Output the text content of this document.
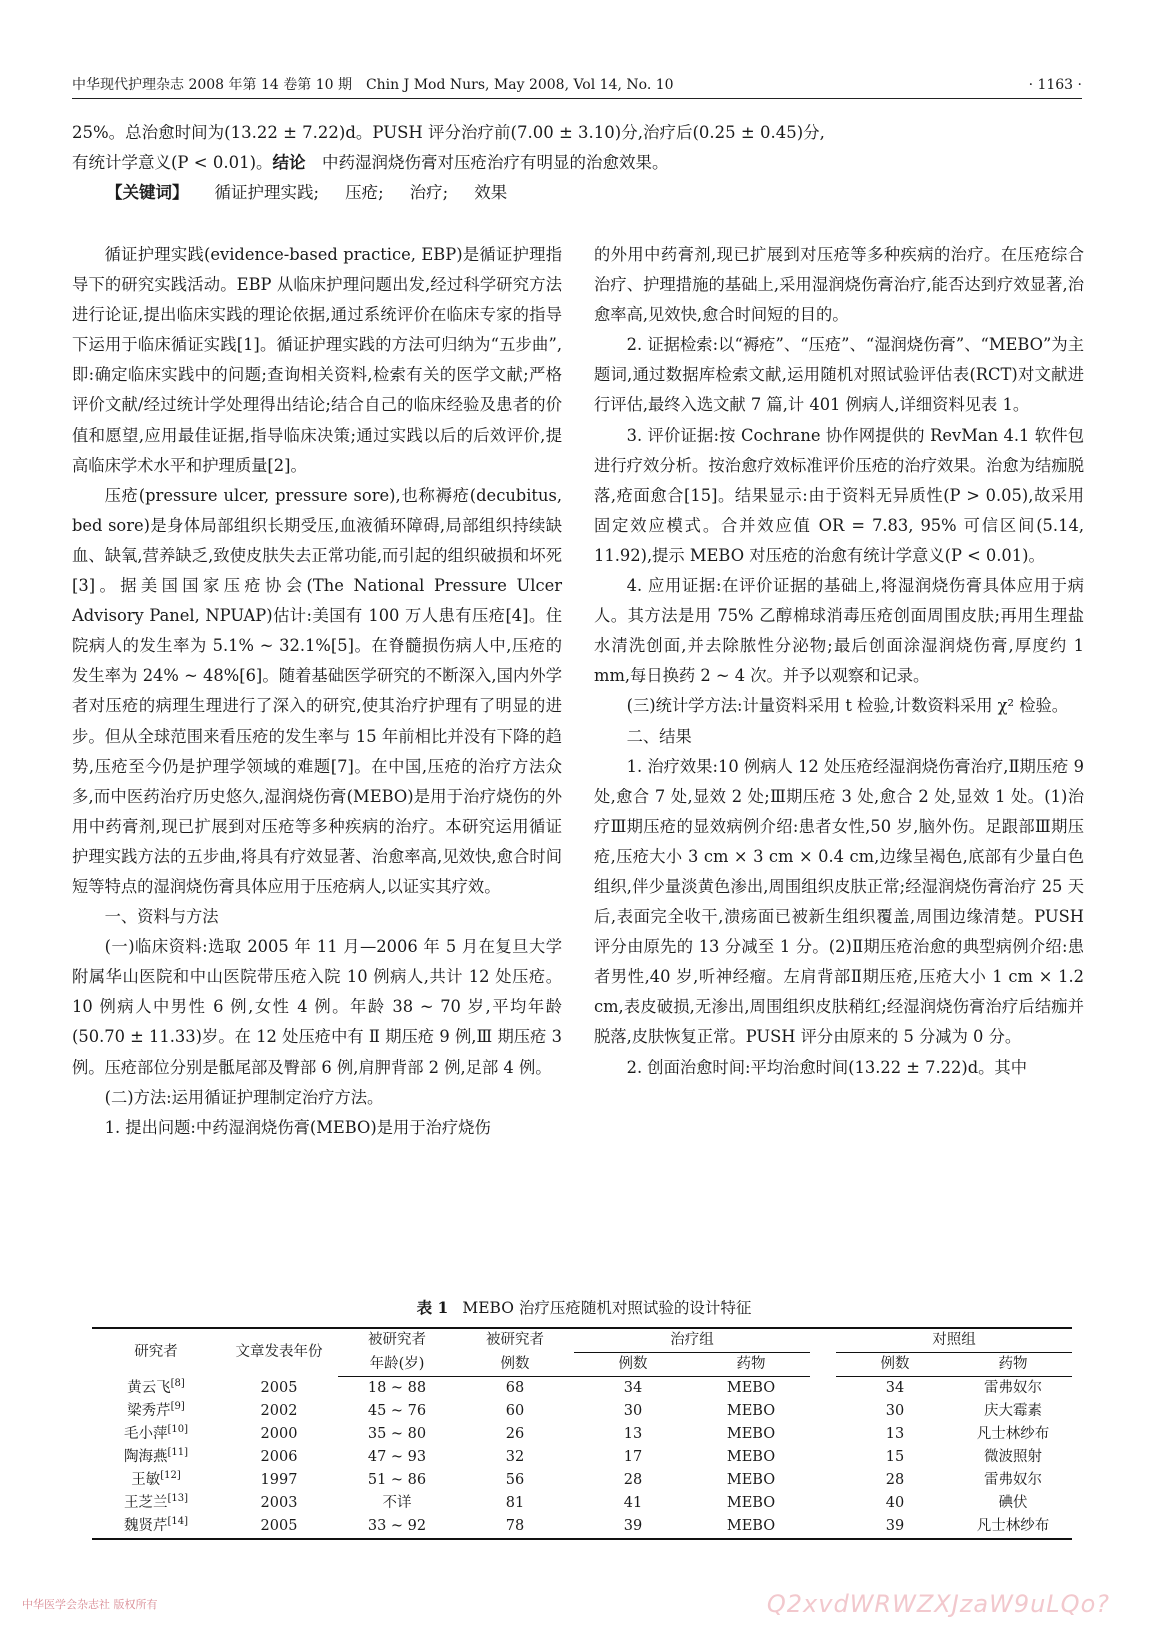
中华现代护理杂志 2008 年第 14 卷第 10 期　Chin J Mod Nurs, May 2008, Vol 14, No. 10	· 1163 ·

25%。总治愈时间为(13.22 ± 7.22)d。PUSH 评分治疗前(7.00 ± 3.10)分,治疗后(0.25 ± 0.45)分,

有统计学意义(P < 0.01)。结论　中药湿润烧伤膏对压疮治疗有明显的治愈效果。

【关键词】 循证护理实践; 压疮; 治疗; 效果

循证护理实践(evidence-based practice, EBP)是循证护理指导下的研究实践活动。EBP 从临床护理问题出发,经过科学研究方法进行论证,提出临床实践的理论依据,通过系统评价在临床专家的指导下运用于临床循证实践[1]。循证护理实践的方法可归纳为“五步曲”,即:确定临床实践中的问题;查询相关资料,检索有关的医学文献;严格评价文献/经过统计学处理得出结论;结合自己的临床经验及患者的价值和愿望,应用最佳证据,指导临床决策;通过实践以后的后效评价,提高临床学术水平和护理质量[2]。

压疮(pressure ulcer, pressure sore),也称褥疮(decubitus, bed sore)是身体局部组织长期受压,血液循环障碍,局部组织持续缺血、缺氧,营养缺乏,致使皮肤失去正常功能,而引起的组织破损和坏死[3]。据美国国家压疮协会(The National Pressure Ulcer Advisory Panel, NPUAP)估计:美国有 100 万人患有压疮[4]。住院病人的发生率为 5.1% ~ 32.1%[5]。在脊髓损伤病人中,压疮的发生率为 24% ~ 48%[6]。随着基础医学研究的不断深入,国内外学者对压疮的病理生理进行了深入的研究,使其治疗护理有了明显的进步。但从全球范围来看压疮的发生率与 15 年前相比并没有下降的趋势,压疮至今仍是护理学领域的难题[7]。在中国,压疮的治疗方法众多,而中医药治疗历史悠久,湿润烧伤膏(MEBO)是用于治疗烧伤的外用中药膏剂,现已扩展到对压疮等多种疾病的治疗。本研究运用循证护理实践方法的五步曲,将具有疗效显著、治愈率高,见效快,愈合时间短等特点的湿润烧伤膏具体应用于压疮病人,以证实其疗效。

一、资料与方法

(一)临床资料:选取 2005 年 11 月—2006 年 5 月在复旦大学附属华山医院和中山医院带压疮入院 10 例病人,共计 12 处压疮。10 例病人中男性 6 例,女性 4 例。年龄 38 ~ 70 岁,平均年龄(50.70 ± 11.33)岁。在 12 处压疮中有 Ⅱ 期压疮 9 例,Ⅲ 期压疮 3 例。压疮部位分别是骶尾部及臀部 6 例,肩胛背部 2 例,足部 4 例。

(二)方法:运用循证护理制定治疗方法。

1. 提出问题:中药湿润烧伤膏(MEBO)是用于治疗烧伤

的外用中药膏剂,现已扩展到对压疮等多种疾病的治疗。在压疮综合治疗、护理措施的基础上,采用湿润烧伤膏治疗,能否达到疗效显著,治愈率高,见效快,愈合时间短的目的。

2. 证据检索:以“褥疮”、“压疮”、“湿润烧伤膏”、“MEBO”为主题词,通过数据库检索文献,运用随机对照试验评估表(RCT)对文献进行评估,最终入选文献 7 篇,计 401 例病人,详细资料见表 1。

3. 评价证据:按 Cochrane 协作网提供的 RevMan 4.1 软件包进行疗效分析。按治愈疗效标准评价压疮的治疗效果。治愈为结痂脱落,疮面愈合[15]。结果显示:由于资料无异质性(P > 0.05),故采用固定效应模式。合并效应值 OR = 7.83, 95% 可信区间(5.14, 11.92),提示 MEBO 对压疮的治愈有统计学意义(P < 0.01)。

4. 应用证据:在评价证据的基础上,将湿润烧伤膏具体应用于病人。其方法是用 75% 乙醇棉球消毒压疮创面周围皮肤;再用生理盐水清洗创面,并去除脓性分泌物;最后创面涂湿润烧伤膏,厚度约 1 mm,每日换药 2 ~ 4 次。并予以观察和记录。

(三)统计学方法:计量资料采用 t 检验,计数资料采用 χ² 检验。

二、结果

1. 治疗效果:10 例病人 12 处压疮经湿润烧伤膏治疗,Ⅱ期压疮 9 处,愈合 7 处,显效 2 处;Ⅲ期压疮 3 处,愈合 2 处,显效 1 处。(1)治疗Ⅲ期压疮的显效病例介绍:患者女性,50 岁,脑外伤。足跟部Ⅲ期压疮,压疮大小 3 cm × 3 cm × 0.4 cm,边缘呈褐色,底部有少量白色组织,伴少量淡黄色渗出,周围组织皮肤正常;经湿润烧伤膏治疗 25 天后,表面完全收干,溃疡面已被新生组织覆盖,周围边缘清楚。PUSH 评分由原先的 13 分减至 1 分。(2)Ⅱ期压疮治愈的典型病例介绍:患者男性,40 岁,听神经瘤。左肩背部Ⅱ期压疮,压疮大小 1 cm × 1.2 cm,表皮破损,无渗出,周围组织皮肤稍红;经湿润烧伤膏治疗后结痂并脱落,皮肤恢复正常。PUSH 评分由原来的 5 分减为 0 分。

2. 创面治愈时间:平均治愈时间(13.22 ± 7.22)d。其中

表 1 MEBO 治疗压疮随机对照试验的设计特征
研究者	文章发表年份	被研究者	被研究者	治疗组			对照组	
		年龄(岁)	例数	例数	药物		例数	药物
黄云飞[8]	2005	18 ~ 88	68	34	MEBO		34	雷弗奴尔
梁秀芹[9]	2002	45 ~ 76	60	30	MEBO		30	庆大霉素
毛小萍[10]	2000	35 ~ 80	26	13	MEBO		13	凡士林纱布
陶海燕[11]	2006	47 ~ 93	32	17	MEBO		15	微波照射
王敏[12]	1997	51 ~ 86	56	28	MEBO		28	雷弗奴尔
王芝兰[13]	2003	不详	81	41	MEBO		40	碘伏
魏贤芹[14]	2005	33 ~ 92	78	39	MEBO		39	凡士林纱布
中华医学会杂志社 版权所有	Q2xvdWRWZXJzaW9uLQo?
